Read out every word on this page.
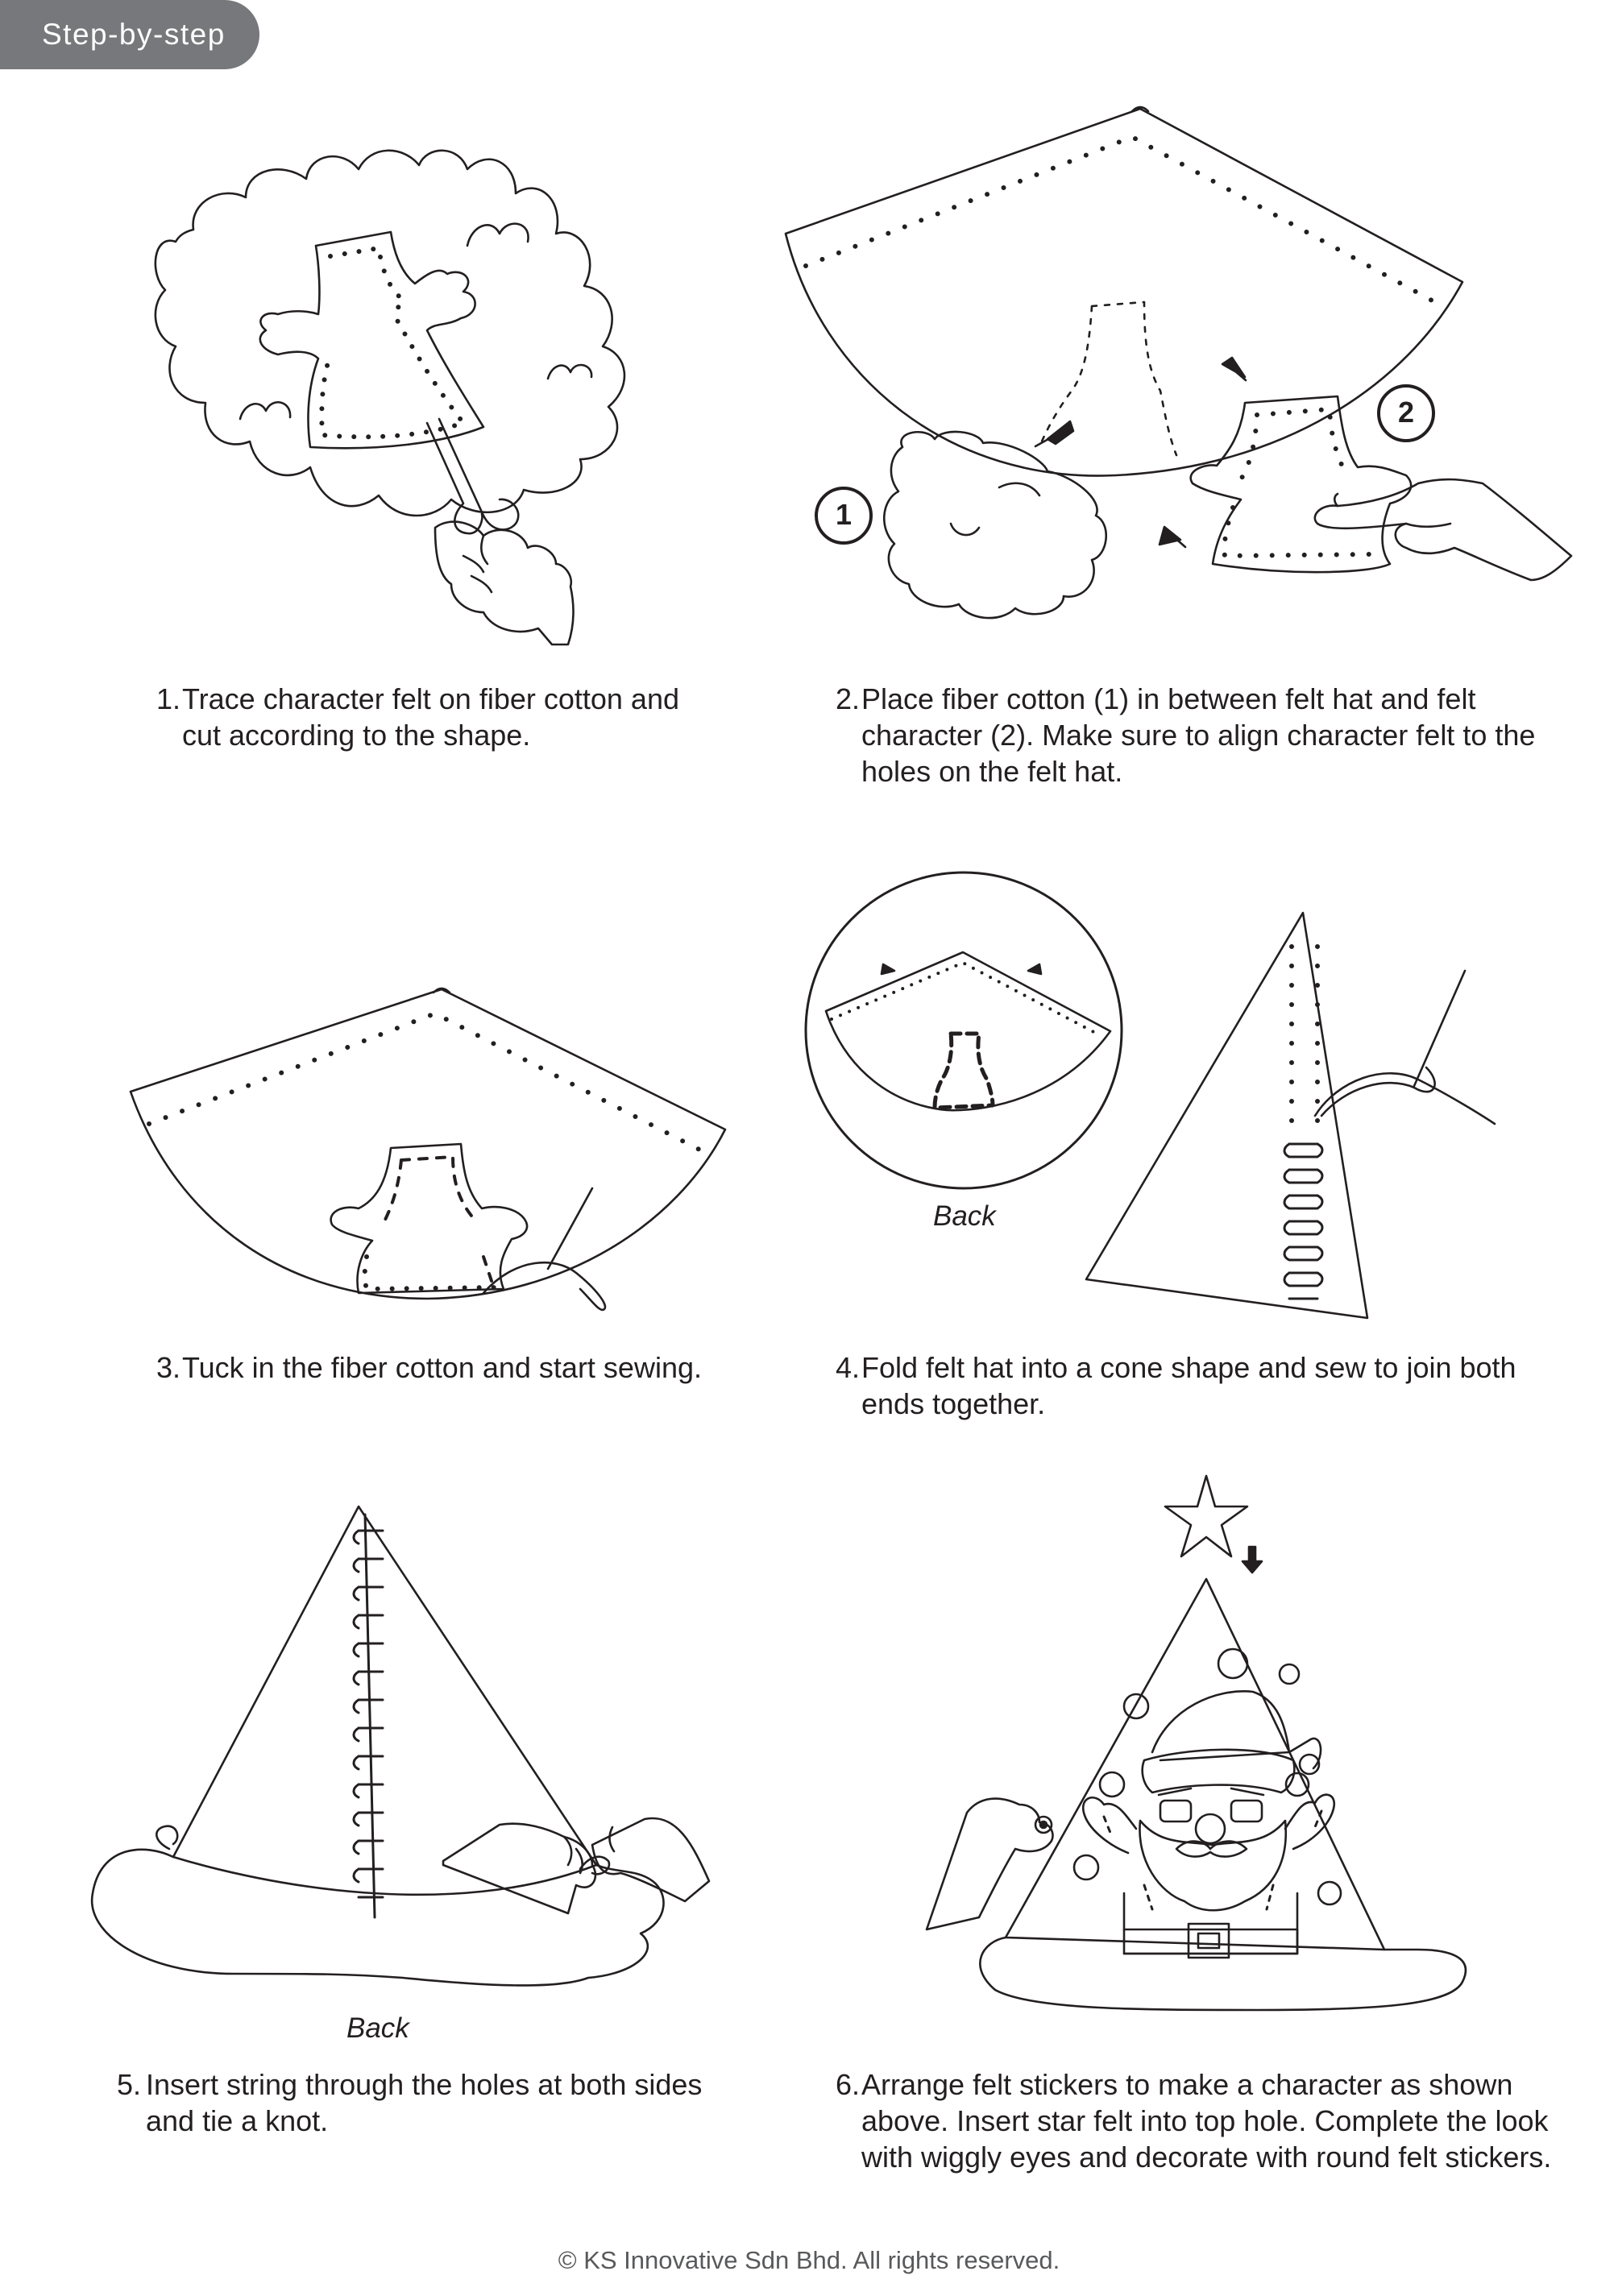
Step-by-step
1
2
Back
Back
1. Trace character felt on fiber cotton and cut according to the shape.
2. Place fiber cotton (1) in between felt hat and felt character (2). Make sure to align character felt to the holes on the felt hat.
3. Tuck in the fiber cotton and start sewing.	4. Fold felt hat into a cone shape and sew to join both ends together.
5. Insert string through the holes at both sides and tie a knot.
6. Arrange felt stickers to make a character as shown above. Insert star felt into top hole. Complete the look with wiggly eyes and decorate with round felt stickers.
© KS Innovative Sdn Bhd. All rights reserved.
